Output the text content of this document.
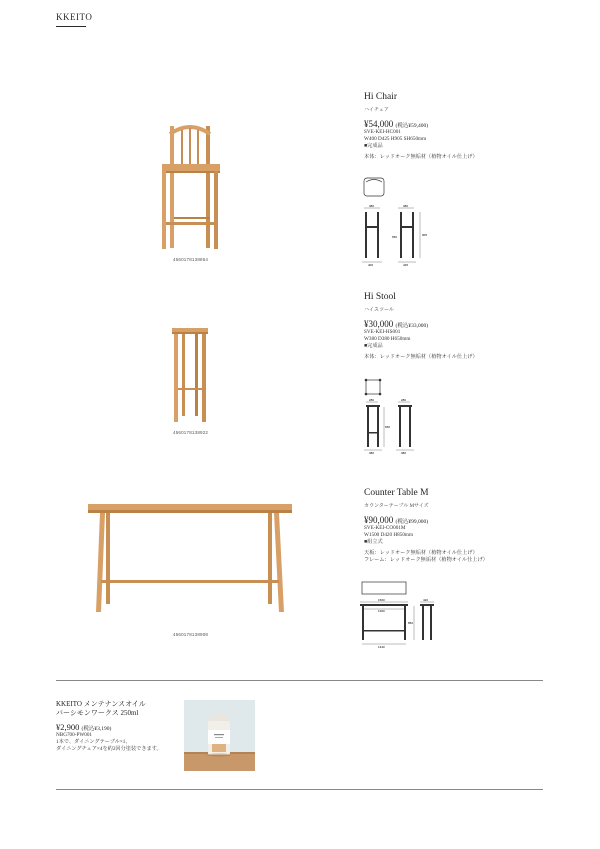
KKEITO
4560178138854
Hi Chair
ハイチェア
¥54,000 (税込¥59,400)
SVE-KEI-HC001
W400 D425 H905 SH650mm
■完成品
本体：レッドオーク無垢材（植物オイル仕上げ）
380
400
380
905
650
425
4560178138922
Hi Stool
ハイスツール
¥30,000 (税込¥33,000)
SVE-KEI-HS001
W380 D380 H650mm
■完成品
本体：レッドオーク無垢材（植物オイル仕上げ）
280
380
280
650
380
4560178138908
Counter Table M
カウンターテーブル Mサイズ
¥90,000 (税込¥99,000)
SVE-KEI-CO001M
W1500 D420 H850mm
■組立式
天板：レッドオーク無垢材（植物オイル仕上げ）
フレーム：レッドオーク無垢材（植物オイル仕上げ）
1500
1360
1340
420
850
KKEITO メンテナンスオイル
バーシモンワークス 250ml
¥2,900 (税込¥3,190)
NBG700-PW001
1本で、ダイニングテーブル×1、
ダイニングチェア×4を約2回分塗装できます。
